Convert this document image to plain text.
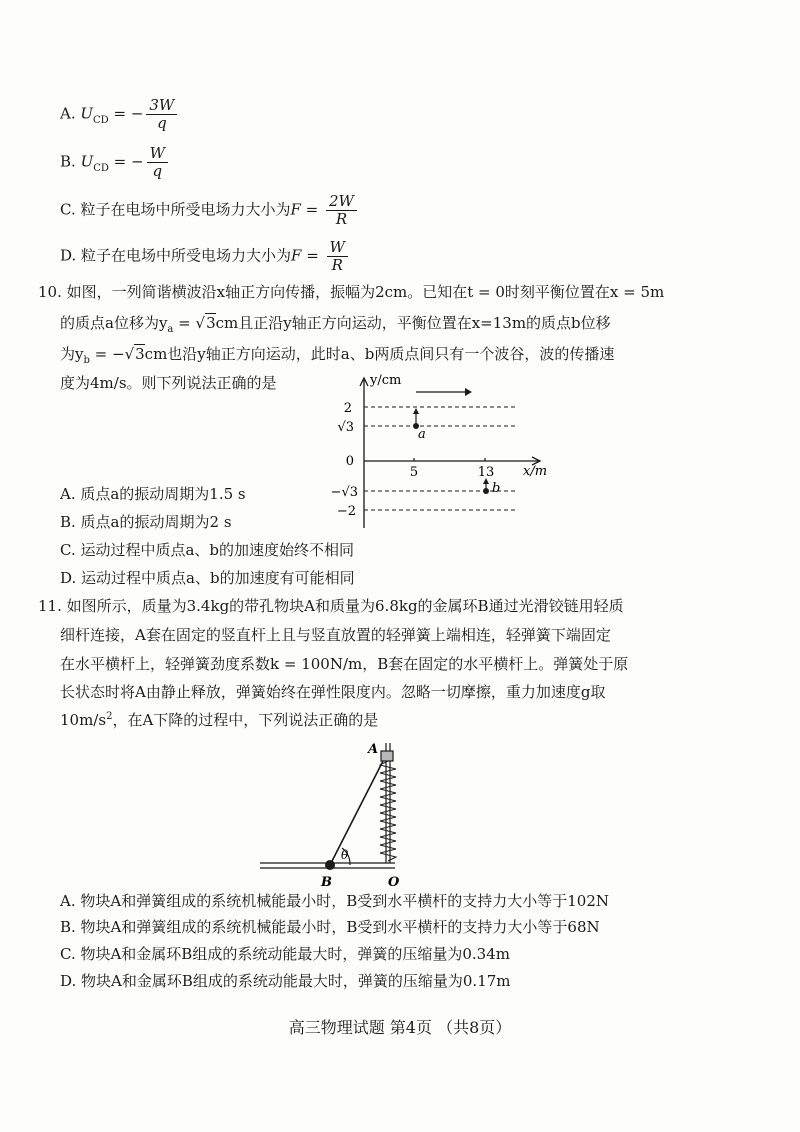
A. $U_{CD}$ = − $\frac{3W}{q}$
B. $U_{CD}$ = − $\frac{W}{q}$
C. 粒子在电场中所受电场力大小为$F = \frac{2W}{R}$
D. 粒子在电场中所受电场力大小为$F = \frac{W}{R}$
10. 如图，一列简谐横波沿x轴正方向传播，振幅为2cm。已知在t = 0时刻平衡位置在x = 5m
的质点a位移为$y_a = √3cm$且正沿y轴正方向运动，平衡位置在x=13m的质点b位移
为$y_b = -√3cm$也沿y轴正方向运动，此时a、b两质点间只有一个波谷，波的传播速
度为4m/s。则下列说法正确的是	y/cm
x/m
2
√3
0
−√3
−2
5	13
a
b
A. 质点a的振动周期为1.5 s
B. 质点a的振动周期为2 s
C. 运动过程中质点a、b的加速度始终不相同
D. 运动过程中质点a、b的加速度有可能相同
11. 如图所示，质量为3.4kg的带孔物块A和质量为6.8kg的金属环B通过光滑铰链用轻质
细杆连接，A套在固定的竖直杆上且与竖直放置的轻弹簧上端相连，轻弹簧下端固定
在水平横杆上，轻弹簧劲度系数k = 100N/m，B套在固定的水平横杆上。弹簧处于原
长状态时将A由静止释放，弹簧始终在弹性限度内。忽略一切摩擦，重力加速度g取
$10m/s^2$，在A下降的过程中，下列说法正确的是
A
B	O
θ
A. 物块A和弹簧组成的系统机械能最小时，B受到水平横杆的支持力大小等于102N
B. 物块A和弹簧组成的系统机械能最小时，B受到水平横杆的支持力大小等于68N
C. 物块A和金属环B组成的系统动能最大时，弹簧的压缩量为0.34m
D. 物块A和金属环B组成的系统动能最大时，弹簧的压缩量为0.17m
高三物理试题 第4页 （共8页）
